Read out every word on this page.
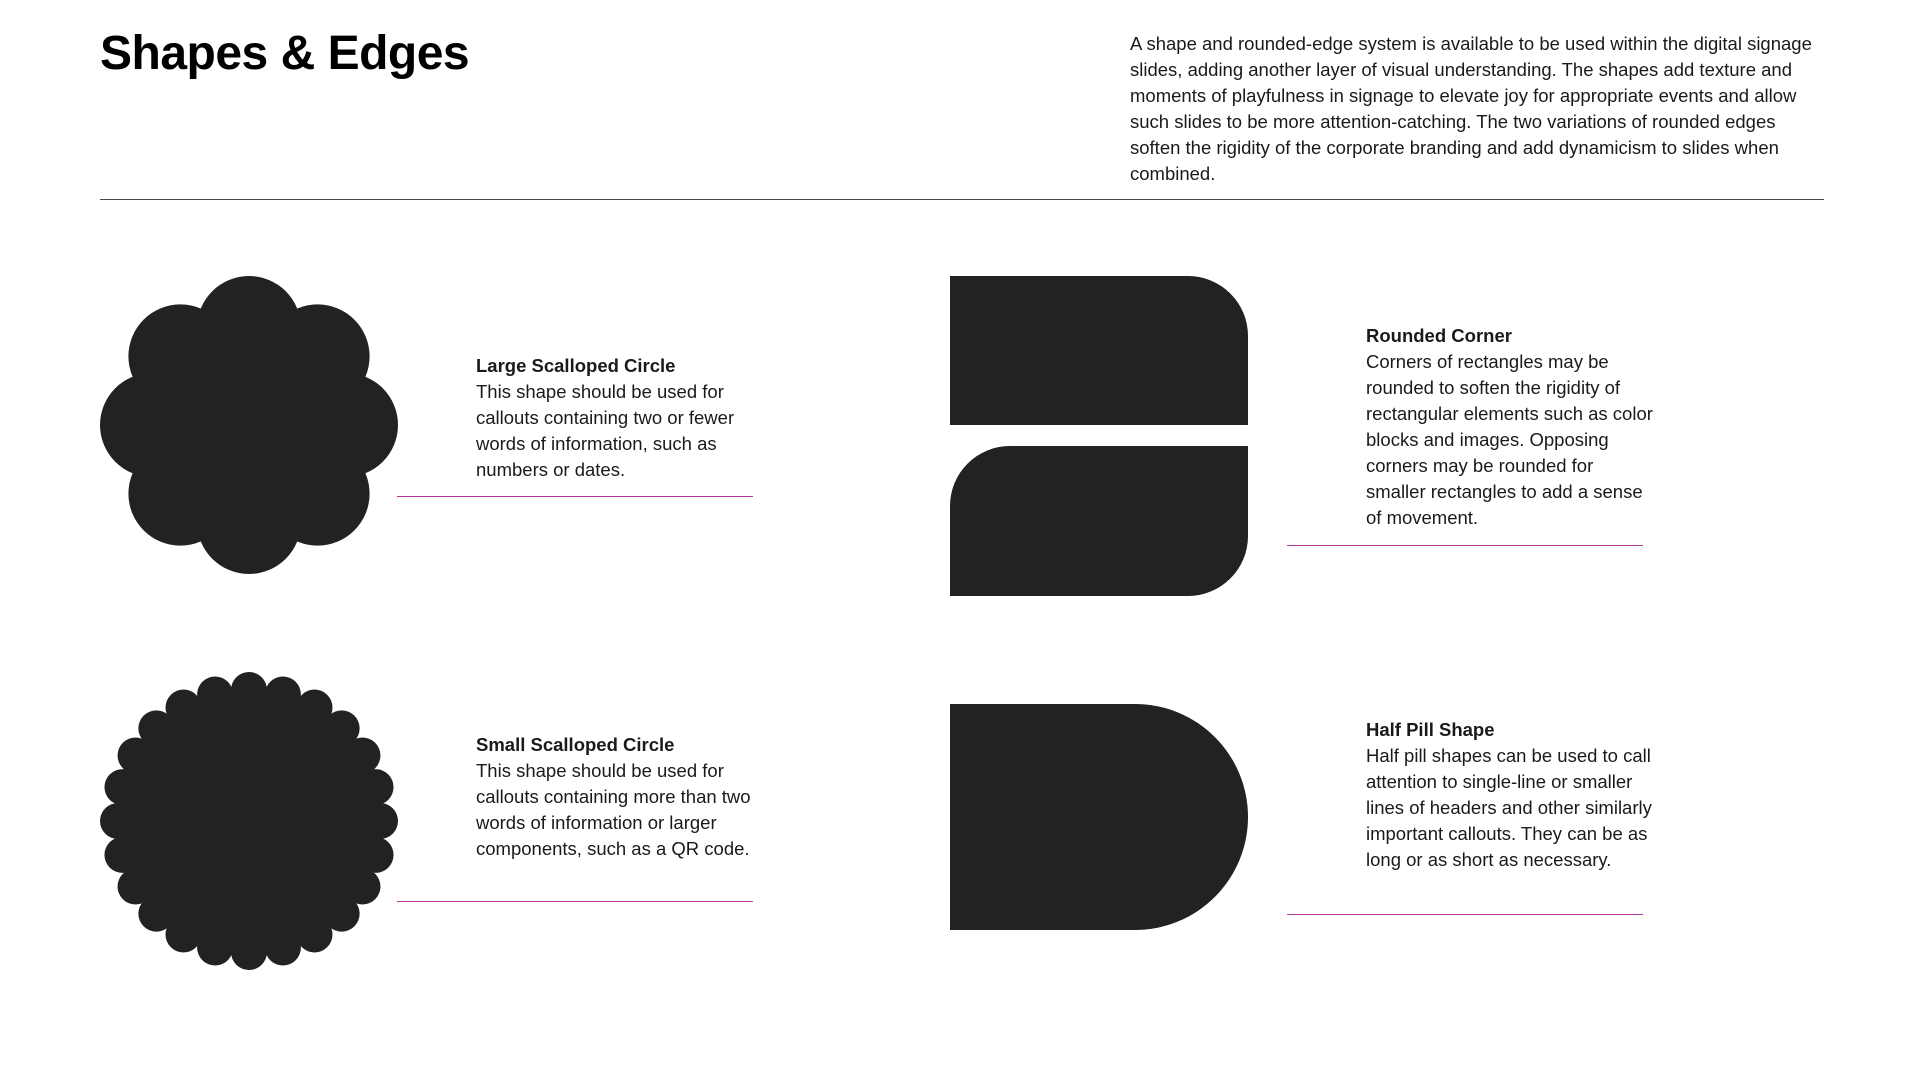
Shapes & Edges	A shape and rounded-edge system is available to be used within the digital signage slides, adding another layer of visual understanding. The shapes add texture and moments of playfulness in signage to elevate joy for appropriate events and allow such slides to be more attention-catching. The two variations of rounded edges soften the rigidity of the corporate branding and add dynamicism to slides when combined.

Large Scalloped Circle

This shape should be used for callouts containing two or fewer words of information, such as numbers or dates.

Small Scalloped Circle

This shape should be used for callouts containing more than two words of information or larger components, such as a QR code.

Rounded Corner

Corners of rectangles may be rounded to soften the rigidity of rectangular elements such as color blocks and images. Opposing corners may be rounded for smaller rectangles to add a sense of movement.

Half Pill Shape

Half pill shapes can be used to call attention to single-line or smaller lines of headers and other similarly important callouts. They can be as long or as short as necessary.
